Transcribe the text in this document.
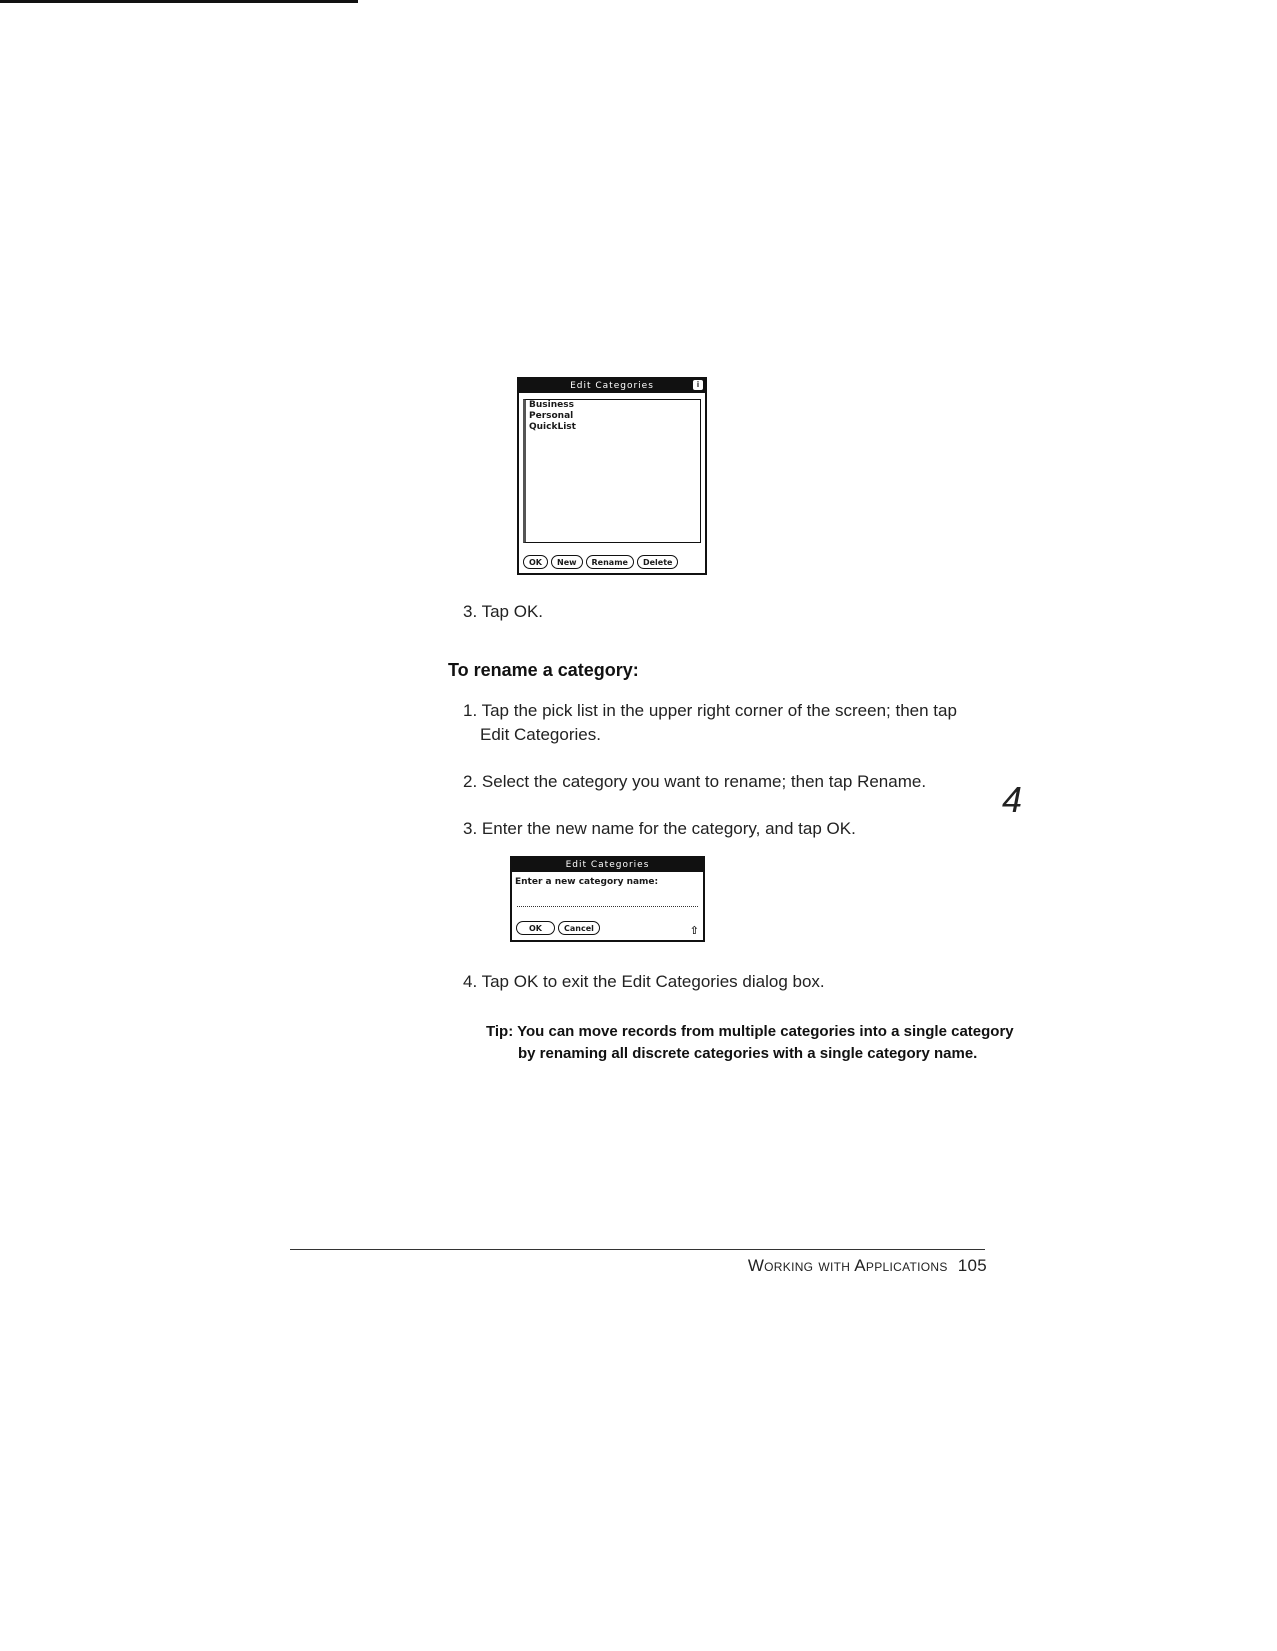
Edit Categories	i
Business
Personal
QuickList
OK	New	Rename	Delete
3. Tap OK.
To rename a category:
1. Tap the pick list in the upper right corner of the screen; then tap
Edit Categories.
2. Select the category you want to rename; then tap Rename.
3. Enter the new name for the category, and tap OK.
4
Edit Categories
Enter a new category name:
OK	Cancel	⇧
4. Tap OK to exit the Edit Categories dialog box.
Tip: You can move records from multiple categories into a single category
by renaming all discrete categories with a single category name.
Working with Applications 105
